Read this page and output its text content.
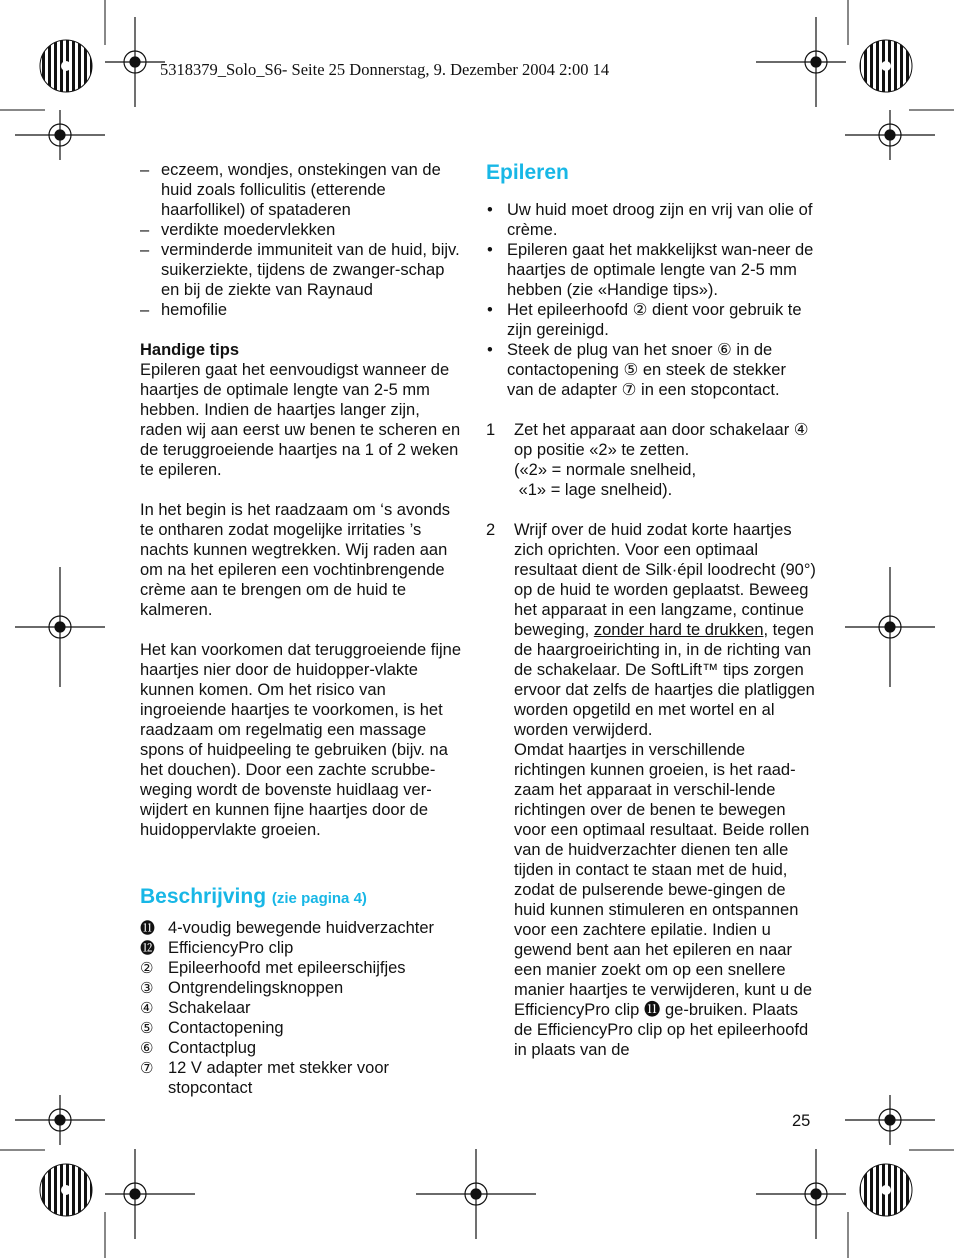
5318379_Solo_S6- Seite 25 Donnerstag, 9. Dezember 2004 2:00 14
– eczeem, wondjes, onstekingen van de huid zoals folliculitis (etterende haarfollikel) of spataderen
– verdikte moedervlekken
– verminderde immuniteit van de huid, bijv. suikerziekte, tijdens de zwanger-schap en bij de ziekte van Raynaud
– hemofilie

Handige tips

Epileren gaat het eenvoudigst wanneer de haartjes de optimale lengte van 2-5 mm hebben. Indien de haartjes langer zijn, raden wij aan eerst uw benen te scheren en de teruggroeiende haartjes na 1 of 2 weken te epileren.

In het begin is het raadzaam om ‘s avonds te ontharen zodat mogelijke irritaties ’s nachts kunnen wegtrekken. Wij raden aan om na het epileren een vochtinbrengende crème aan te brengen om de huid te kalmeren.

Het kan voorkomen dat teruggroeiende fijne haartjes nier door de huidopper-vlakte kunnen komen. Om het risico van ingroeiende haartjes te voorkomen, is het raadzaam om regelmatig een massage spons of huidpeeling te gebruiken (bijv. na het douchen). Door een zachte scrubbe-weging wordt de bovenste huidlaag ver-wijdert en kunnen fijne haartjes door de huidoppervlakte groeien.

Beschrijving (zie pagina 4)
⓫ 4-voudig bewegende huidverzachter
⓬ EfficiencyPro clip
② Epileerhoofd met epileerschijfjes
③ Ontgrendelingsknoppen
④ Schakelaar
⑤ Contactopening
⑥ Contactplug
⑦ 12 V adapter met stekker voor stopcontact
Epileren
• Uw huid moet droog zijn en vrij van olie of crème.
• Epileren gaat het makkelijkst wan-neer de haartjes de optimale lengte van 2-5 mm hebben (zie «Handige tips»).
• Het epileerhoofd ② dient voor gebruik te zijn gereinigd.
• Steek de plug van het snoer ⑥ in de contactopening ⑤ en steek de stekker van de adapter ⑦ in een stopcontact.
1	Zet het apparaat aan door schakelaar ④ op positie «2» te zetten.

(«2» = normale snelheid,

«1» = lage snelheid).

2	Wrijf over de huid zodat korte haartjes zich oprichten. Voor een optimaal resultaat dient de Silk·épil loodrecht (90°) op de huid te worden geplaatst. Beweeg het apparaat in een langzame, continue beweging, zonder hard te drukken, tegen de haargroeirichting in, in de richting van de schakelaar. De SoftLift™ tips zorgen ervoor dat zelfs de haartjes die platliggen worden opgetild en met wortel en al worden verwijderd.

Omdat haartjes in verschillende richtingen kunnen groeien, is het raad-zaam het apparaat in verschil-lende richtingen over de benen te bewegen voor een optimaal resultaat. Beide rollen van de huidverzachter dienen ten alle tijden in contact te staan met de huid, zodat de pulserende bewe-gingen de huid kunnen stimuleren en ontspannen voor een zachtere epilatie. Indien u gewend bent aan het epileren en naar een manier zoekt om op een snellere manier haartjes te verwijderen, kunt u de EfficiencyPro clip ⓫ ge-bruiken. Plaats de EfficiencyPro clip op het epileerhoofd in plaats van de

25
